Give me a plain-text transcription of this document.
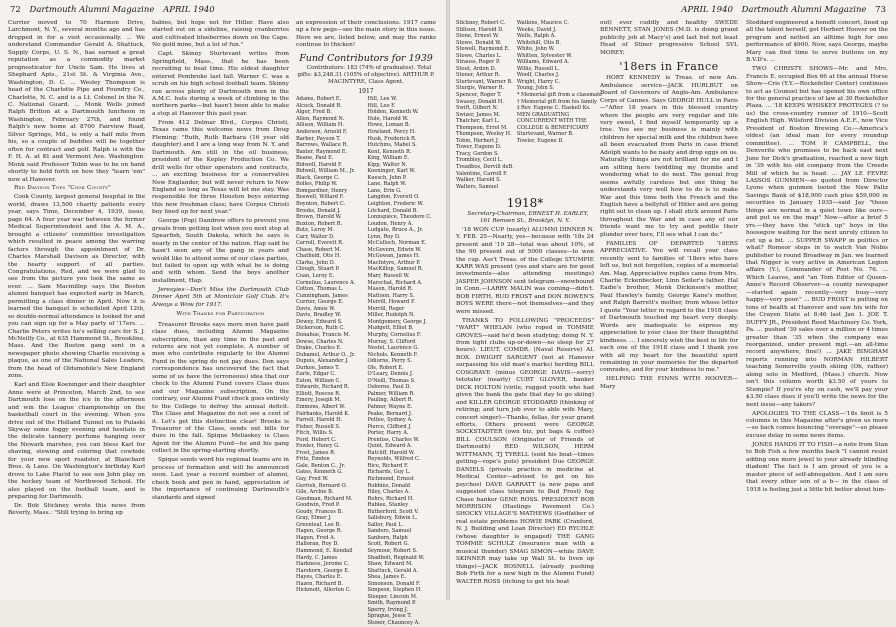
72 Dartmouth Alumni Magazine APRIL 1940

Currier moved to 70 Harmon Drive, Larchmont, N. Y., several months ago and has dropped in for a visit occasionally. ... We understand Commander Gerald A. Shattuck, Supply Corps, U. S. N., has earned a great reputation as a commodity market prognosticator for Uncle Sam. He lives at Shephard Apts., 21st St. & Virginia Ave., Washington, D. C. ... Wesley Thompson is head of the Charlotte Pipe and Foundry Co., Charlotte, N. C. and is a Lt. Colonel in the N. C. National Guard. ... Monk Wells joined Ralph Britton at a Dartmouth luncheon in Washington, February 27th, and found Ralph's new home at 8700 Fairview Road, Silver Springs, Md., is only a half mile from his, so a couple of buddies will be together often for contract and golf. Ralph is with the F. H. A. at Kt and Vermont Ave. Washington. Monk said Professor Tobin was to be on hand shortly to hold forth on how they "learn 'em" now at Hanover.

Red Davison Tops "Cook County"

Cook County, largest general hospital in the world, draws 13,500 charity patients every year, says Time, December 4, 1939, issue, page 64. A four year war between the former Medical Superintendent and the A. M. A., brought a citizens' committee investigation which resulted in peace among the warring factors through the appointment of Dr. Charles Marshall Davison as Director, with the hearty support of all parties. Congratulations, Red, and we were glad to see from the picture you look the same as ever. ... Sam Macmillop says the Boston alumni banquet has expected early in March, permitting a class dinner in April. Now it is learned the banquet is scheduled April 12th, so double-normal attendance is looked for and you can sign up for a May party of '17ers. ... Charlie Peters writes he's selling cars for S. J. McNeilly Co., at 635 Hammond St., Brookline, Mass. And the Boston gang sent in a newspaper photo showing Charlie receiving a plaque, as one of the National Sales Leaders, from the head of Oldsmobile's New England zone.

Karl and Elsie Koeninger and their daughter Anne were at Princeton, March 2nd, to see Dartmouth lose on the ice in the afternoon and win the League championship on the basketball court in the evening. When you drive out of the Holland Tunnel on to Pulaski Skyway some foggy evening and hesitate in the delicate tannery perfume hanging over the Newark marshes, you can bless Karl for shaving, stewing and coloring that cowhide for your new sport roadster, at Blanchard Bros. & Lane. On Washington's birthday Karl drove to Lake Placid to see son John play on the hockey team of Northwood School. He also played on the football team, and is preparing for Dartmouth.

Dr. Bob Stickney wrote this news from Beverly, Mass.: "Still trying to bring up

babies, but hope not for Hitler. Have also started out on a sideline, raising cranberries and cultivated blueberries down on the Cape. No gold mine, but a lot of fun."

Capt. Skinny Sturtevant writes from Springfield, Mass., that he has been recruiting to beat time. His eldest daughter entered Pembroke last fall. Warner C. was a scrub on his high school football team. Skinny ran across plenty of Dartmouth men in the A.M.C. huts during a week of climbing in the northern parks—but hasn't been able to make a stop at Hanover this past year.

From 412 Delmar Blvd., Corpus Christi, Texas came this welcome news from Doug Fleming: "Ruth, Ruth Barbara (16 year old daughter) and I are a long way from N. Y. and Dartmouth. Am still in the oil business, president of the Kepley Production Co. We drill wells for other operators and contracts, ... an exciting business for a conservative New Englander, but will never return to New England so long as Texas will let me stay. Was responsible for three Houston boys entering this new freshman class; have Corpus Christi boy lined up for next year."

George (Pop) Dandrow offers to prevent you greats from getting lost when you next stop at Spearfish, South Dakota, which he says is nearly in the center of the nation. Hap said he hasn't seen any of the gang in years and would like to attend some of our class parties, but failed to open up with what he is doing and with whom. Send the boys another installment, Hap.

Jeresyies—Don't Miss the Dartmouth Club Dinner April 5th at Montclair Golf Club. It's Always a Wow for 1917.

With Thanks for Participation

Treasurer Brooks says more men have paid class dues, including Alumni Magazine subscription, than any time in the past and returns are not yet complete. A number of men who contribute regularly to the Alumni Fund in the spring do not pay dues. Don says correspondence has uncovered the fact that some of us have the (erroneous) idea that our check to the Alumni Fund covers Class dues and our Magazine subscription. On the contrary, our Alumni Fund check goes entirely to the College to defray the annual deficit. The Class and Magazine do not see a cent of it. Let's get this distinction clear! Brooks is Treasurer of the Class, sends out bills for dues in the fall. Spique Meliaskey is Class Agent for the Alumni Fund—he and his gang collect in the spring-starting shortly.

Spique sends word his regional teams are in process of formation and will be announced soon. Last year a record number of alumni, check book and pen in hand, appreciation of the importance of continuing Dartmouth's standards and signed

an expression of their conclusions. 1917 came up a few pegs—see the main story in this issue. Here we are, listed below, and may the ranks continue to thicken!

Fund Contributors for 1939

Contributors: 183 (74% of graduates). Total gifts: $3,248.31 (105% of objective). ARTHUR P. MACINTYRE, Class Agent.

1917
Adams, Robert E.
Alcock, Donald R.
Alger, Fred B.
Allen, Raymond N.
Allison, William H.
Anderson, Arnold F.
Barber, Payson T.
Barrows, Wallace R.
Baxter, Raymond E.
Beane, Paul E.
Bidwell, Harold F.
Bidwell, William M., Jr.
Black, George C.
Bolles, Philip W.
Bomgardner, Henry
Boswell, Willard F.
Boynton, Robert C.
Brooks, Donald J.
Brown, Harold W.
Buxton, Robert R.
Butz, Leroy M.
Carr, Walter D.
Carroll, Everett R.
Chase, Robert M.
Chatfield, Otis H.
Clarke, John D.
Clough, Stuart P.
Coan, Leroy E.
Cornelius, Laurence A.
Cotton, Thomas L.
Cunningham, James
Currier, George E.
Davis, Amos W.
Davis, Bradley W.
Dewey, Edward S.
Dickerson, Ruth C.
Donahue, Francis M.
Dowse, Charles N.
Drake, Charles E.
Dubamel, Arthur O., Jr.
Dupuis, Alexander J.
Durkee, James T.
Earle, Edgar C.
Eaton, William C.
Edwards, Richard R.
Elliott, Roscoe R.
Emery, Joseph M.
Emmons, Albert W.
Fairbanks, Harold K.
Farrell, Harold H.
Fisher, Russell S.
Fitch, Willis S.
Ford, Hebert C.
Fowler, Henry G.
Frost, James R.
Fritz, Emden
Gale, Benton C., Jr.
Gates, Kenneth G.
Gay, Fred W.
Gerrish, Bernard O.
Gile, Archie B.
Goodman, Richard M.
Goodwin, Fred P.
Goudy, Frances B.
Gray, Elmer J.
Greenleaf, Lee B.
Hagen, George R.
Hagen, Fred A.
Halloran, Roy D.
Hammond, E. Kendall
Hardy, C. James
Harkness, Jerome C.
Harshorn, George E.
Hayes, Charles E.
Hazen, Richard B.
Hickmott, Allerton C.
Hill, Lee W.
Hill, Leo F.
Holden, Kenneth W.
Hole, Harold W.
Howe, Loman B.
Howland, Percy H.
Husk, Frederick R.
Hutchins, Mabel S.
Kent, Kenneth R.
King, William E.
Kipp, Walter N.
Koeninger, Karl W.
Kuesch, John P.
Lane, Ralph W.
Lane, Erin G.
Langdon, Everett O.
Leighton, Frederic W.
Litchard, Donald B.
Lonnspiece, Theodore C.
Loudon, Henry A.
Ludgate, Bruce A., Jr.
Lynn, Roy D.
McCulloch, Norman E.
McGovern, Edwin W.
McGowan, James H.
MacIntyre, Arthur P.
MacKillop, Samuel R.
Marr, Russell W.
Marschat, Richard A.
Mason, Harold R.
Mattoon, Harry S.
Merrill, Howard F.
Merrill, Roger
Miller, Rudolph N.
Montgomery, George J.
Mudgett, Elliot B.
Murphy, Cornelius F.
Murray, S. Clifford
Nestel, Laurence G.
Nichols, Kenneth F.
Odiorne, Perry S.
Ols, Robert E.
O'Leary, Dennis J.
O'Neill, Thomas S.
Osborne, Paul D.
Palmer, William R.
Pauling, Albert R.
Pahner, Wayne E.
Peake, Bernard J.
Pettee, Sydney A.
Pierce, Clifford J.
Porter, Harry A.
Prentiss, Charles W.
Quint, Edward A.
Ratcliff, Harold W.
Reynolds, Wilfred C.
Rice, Richard F.
Richards, Guy L.
Richmond, Ernest
Robbins, Donald
Riley, Charles A.
Rohrs, Richard H.
Rublee, Stanley
Rutherford, Scott V.
Salisbury, Edwin L.
Sallor, Paul L.
Sanders, Samuel
Sanborn, Ralph
Scott, Robert G.
Seymour, Robert S.
Shadbolt, Reginald W.
Shaw, Edward M.
Shattuck, Gerald A.
Shea, James E.
Simonson, Donald F.
Simpson, Stephen H.
Sleeper, Lincoln M.
Smith, Raymond P.
Sperry, Irving J.
Sprague, Jesse T.
Stoner, Chauncey A.
APRIL 1940 Dartmouth Alumni Magazine 73
Stickney, Robert C.
Stillson, Harold D.
Stone, Ernest W.
Stowe, Donald W.
Stowell, Raymond E.
Stowe, Charles L.
Strauss, Roger P.
Stout, Ardon D.
Stoner, Arthur R.
Sturtevant, Warner B.
Sturgis, Warner R.
Spencer, Roger T.
Swasey, Donald H.
Swift, Gilbert N.
Swizer, James M.
Thatcher, Karl L.
Thompson, Errol M.
Thompson, Wesley H.
Tobin, Herbert J.
Tower, Eugene D.
Tracy, Gordon S.
Trombley, Cecil L.
Treadbos, Dervill deB.
Valentine, Carroll F.
Walker, Harold S.
Walters, Samuel
Watkins, Maurice C.
Weeks, David J.
Wells, Ralph A.
Whitehill, Otis B.
White, John W.
Whitten, Sylvester W.
Williams, Edward A.
Willis, Russell L.
Woolf, Charles J.
Wright, Harry C.
Young, John S.
* Memorial gift from a classmate
† Memorial gift from his family
‡ Rev. Eugene C. Haskell Ks.
MEN GRADUATING
CONCURRENT WITH THE
COLLEGE & BENEFICIARY
Sturtevant, Warner B.
Towler, Eugene D.
1918*

Secretary-Chairman, ERNEST H. EARLEY, 161 Remsen St., Brooklyn, N. Y.

'18 WON CUP (nearly) ALUMNI DINNER N. Y. FEB. 25—Nearly, yes—because with '18s 24 present and '19 28—total was about 10%, of the 90 present out of 5000 classes—to won the cup. Ass't Treas. of the College STUMPIE KARR WAS present (yes and stars are for good investments—also attending meetings) JASPER JOHNSON sent telegram—snowbound in Conn.—LARRY MALIN was coming—didn't. BOB FIRTH, RUD FROST and DON BOWEN'S BOYS WERE there—not themselves—and they were missed.

THANKS TO FOLLOWING "PROCEEDS" "WART" WHELAN (who roped in TOMMIE GROVES—said he'd been studying; doing N. Y. from tight clubs up-or-down—no sleep for 27 hours). LIEUT. COMDR. (Naval Reserve) AL BOX. DWIGHT SARGENT (not at Hanover surpassing his old man's marks) herding BILL COSGRAVE (minus GEORGE DAVIS—sorry) tetotaler (nearly) CURT GLOVER, banker DICK HOLTON (virile, rugged youth who had given the bank the gate that day to go skiing) and KILLER GEORGE STODDARD (thinking of retiring; and turn job over to able wife Mary, concert singer)—Thanks, fellas, for your grand efforts. Others present were GEORGE SOCKSTADTER (own biz, put bags & coffee) BILL COULSON (Originator of Friends of Dartmouth) RED WILSON, HERM WITTMANN, TJ TYRELL (sold his boat—times getting—rope's puts) president Dus GEORGE DANIELS (private practice in medicine at Medical Center—advised to get on his psychos) DAVE GARRATT (a new papa and suggested class telegram to Bud Frost) fog Chase banker GENE ROSS. PRESIDENT BOB MORRISON (Hastings Pavement Co.) SHOCKY VILLAGE'S MATHEWS (Godfather of real estate problems HOWIE PARK (Cranford, N. J. Building and Loan Director) ED RYCHLE (whose daughter is engaged) THE GANG TOMMIE SCHULZ (insurance man with a musical thunder) SMAG SIMON—while DAVE SKINNER may take up Wall St. to liven up things)—JACK BOSNELL (already pushing Bob Firth for a new high in the Alumni Fund) WALTER ROSS (itching to get his boat

out) ever cuddly and healthy SWEDE BENNETT, STAN JONES (M.D. is doing grand publicity job at Macy's) and last but not least Head of Stiner progressive School SVL MOREY;

'18ers in France

HORT KENNEDY is Treas. of new Am. Ambulance service—JACK HURLBUT on Board of Governors of Anglo-Am. Ambulance Corps of Cannes. Says GEORGE HULL in Paris—"After 18 years in this blessed country where the people are very regular and life very sweet, I find myself temporarily up a tree. You see my business is mainly with children for special milk and the children have all been evacuated from Paris in case friend Adolph wants to be nasty and drop eggs on us. Naturally things are not brilliant for me and I am sitting here twiddling my thumbs and wondering what to do next. The genial frog seems awfully careless but one thing he understands very well how to do is to make War and this time both the French and the English have a bellyfull of Hitler and are going right out to clean up. I shall stick around Paris throughout the War and in case any of our friends want me to try and peddle their plunder over here, I'll see what I can do."

FAMILIES OF DEPARTED '18ERS APPRECIATIVE. You will recall your class recently sent to families of '18ers who have left us, but not forgotten, copies of a memorial Am. Mag. Appreciative replies came from Mrs. Charlie Eckenbecker, Linn Seiler's father. Hal Eadie's brother, Monk Dickinson's mother, Paul Hawley's family, George Kane's mother, and Ralph Barrett's mother, from whose letter I quote "Your letter in regard to the 1918 class of Dartmouth touched my heart very deeply. Words are inadequate to express my appreciation to your class for their thoughtful kindness. ... I sincerely wish the best in life for each one of the 1918 class and I thank you with all my heart for the beautiful spirit remaining in your memories for the departed comrades, and for your kindness to me."

HELPING THE FINNS WITH HOOVER—Mary

Stoddard engineered a benefit concert, lined up all the talent herself, got Herbert Hoover on the program and netted an alltime high for one performance of $900. Now, says George, maybe Mary can find time to serve buttons on my B.V.D's. ...

TWO CHRISTY SHOWS—Mr. and Mrs. Francis E. occupied Box 66 at the annual Horse Show—Cris (Y.Y.—Rockefeller Center) continues to act as Counsel but has opened his own office for the general practice of law at 30 Rockefeller Plaza. ... '18 KEEPS WHISKEY PROTEGES (? to us) the cross-country runner of 1910—Scott English High. Wilsford Division A.E.F., now Vice President of Boston Brewing Co.—America's oldest (an ideal man for every roundup committee). ... TOM P. CAMPBELL, the Denverite who promises to be back east next June for Dick's graduation, reached a new high in '39 with his old company from the Creede Mill of which he is head. ... JAY LE FEVRE LASSOS GUNMEN—so quoted from Director Lyons when gunmen looted the New Paltz Savings Bank of $18,900 cash plus $59,000 in securities in January 1935—said Jay "those things are normal in a quiet town like ours—and put us on the map" Now—after a brief 5 yrs.—they have the "stick up" boys in the hoosegow waiting for the next unruly citizen to cut up a bit. ... SUPPER SWAPP in politics or what? Romeor steps in to watch Van Nobis publisher to round Broadway in Jan. we learned that Nigger is very active in American Legion affairs (Y.), Commander of Post No. 76. ... Which Leaves, and "an Tom Editor of Queen-Anne's Record Observer—a county newspaper—started again recently—very busy—very happy—very poor." ... BUD FROST is putting on tons of health at Hanover and saw his wife for the Crayen State at 8:46 last Jan 1. JOE T. DUFFY JR., President Reed Machinery Co. York, Pa. ... pushed '39 sales over a million or 4 times greater than '35 when the company was reorganized, under present mgt.—an all-time record anywhere, fine!) ... JAKE BINGHAM reports running into NORMAN HILBERT teaching Somerville youth skiing (Oh, rather) along solo in Medford, (Mass.) church. Now isn't this column worth $3.50 of yours to Stumpie? If you're shy on cash, we'll pay your $3.50 class dues if you'll write the news for the next issue—any takers?

APOLOGIES TO THE CLASS—'18s limit is 5 columns in this Magazine after's given us more—so back comes bouncing "overage"—so please excuse delay in some news items.

JONES HANDS IT TO FISH—a note from Stan to Bob Fish a few months back "I cannot resist adding one more jewel to your already blinding diadem! The fact is I am proud of you is a master piece of self-abnegation. And I am sure that every other son of a b— in the class of 1918 is feeling just a little bit better about him-
